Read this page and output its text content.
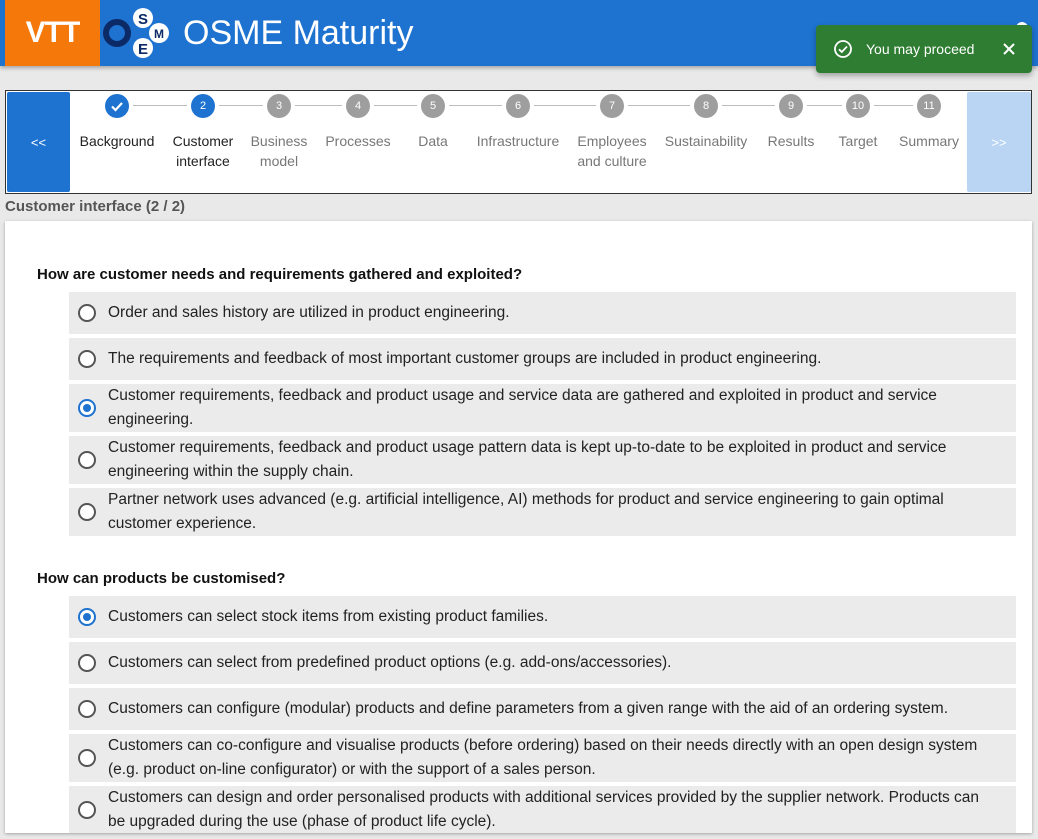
VTT	S
M
E OSME Maturity	You may proceed
<<	Background
2
Customer interface
3
Business model
4
Processes
5
Data
6
Infrastructure
7
Employees and culture
8
Sustainability
9
Results
10
Target
11
Summary	>>
Customer interface (2 / 2)
How are customer needs and requirements gathered and exploited?
Order and sales history are utilized in product engineering.
The requirements and feedback of most important customer groups are included in product engineering.
Customer requirements, feedback and product usage and service data are gathered and exploited in product and service engineering.
Customer requirements, feedback and product usage pattern data is kept up-to-date to be exploited in product and service engineering within the supply chain.
Partner network uses advanced (e.g. artificial intelligence, AI) methods for product and service engineering to gain optimal customer experience.
How can products be customised?
Customers can select stock items from existing product families.
Customers can select from predefined product options (e.g. add-ons/accessories).
Customers can configure (modular) products and define parameters from a given range with the aid of an ordering system.
Customers can co-configure and visualise products (before ordering) based on their needs directly with an open design system (e.g. product on-line configurator) or with the support of a sales person.
Customers can design and order personalised products with additional services provided by the supplier network. Products can be upgraded during the use (phase of product life cycle).
